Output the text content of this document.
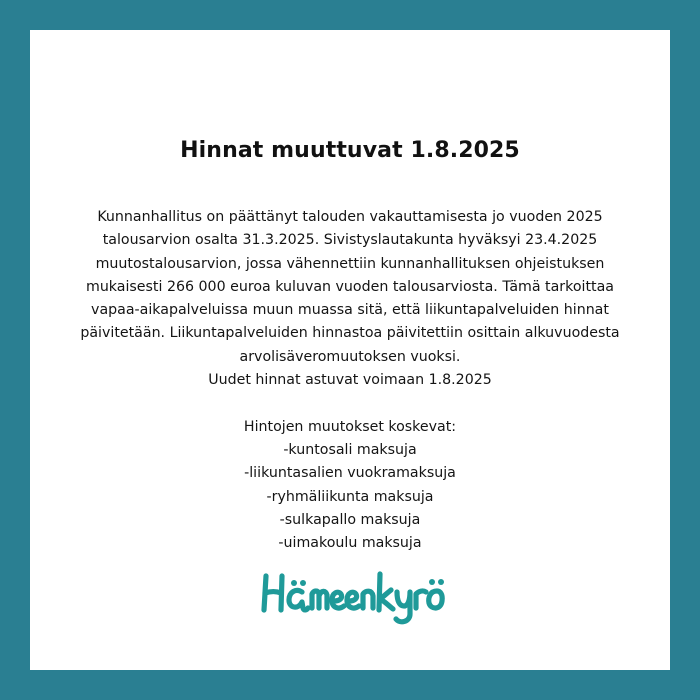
Hinnat muuttuvat 1.8.2025
Kunnanhallitus on päättänyt talouden vakauttamisesta jo vuoden 2025
talousarvion osalta 31.3.2025. Sivistyslautakunta hyväksyi 23.4.2025
muutostalousarvion, jossa vähennettiin kunnanhallituksen ohjeistuksen
mukaisesti 266 000 euroa kuluvan vuoden talousarviosta. Tämä tarkoittaa
vapaa-aikapalveluissa muun muassa sitä, että liikuntapalveluiden hinnat
päivitetään. Liikuntapalveluiden hinnastoa päivitettiin osittain alkuvuodesta
arvolisäveromuutoksen vuoksi.
Uudet hinnat astuvat voimaan 1.8.2025
Hintojen muutokset koskevat:
-kuntosali maksuja
-liikuntasalien vuokramaksuja
-ryhmäliikunta maksuja
-sulkapallo maksuja
-uimakoulu maksuja
